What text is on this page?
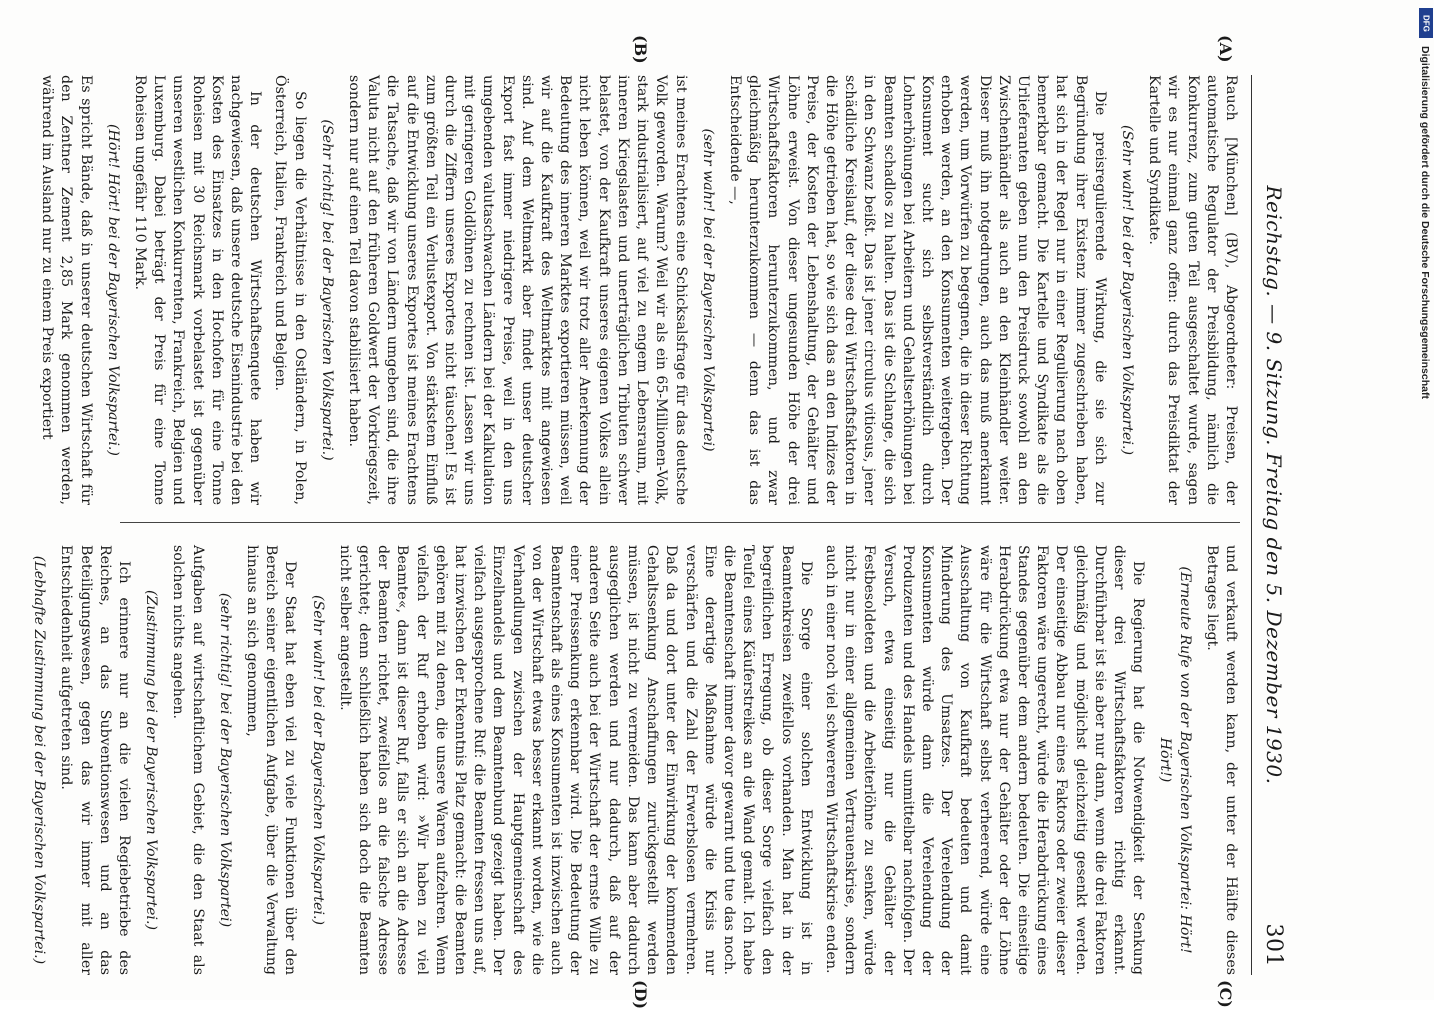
Reichstag. — 9. Sitzung. Freitag den 5. Dezember 1930.
301
(A)
(B)
(C)
(D)

Rauch [München] (BV), Abgeordneter: Preisen, der automatische Regulator der Preisbildung, nämlich die Konkurrenz, zum guten Teil ausgeschaltet wurde, sagen wir es nur einmal ganz offen: durch das Preisdiktat der Kartelle und Syndikate.

(Sehr wahr! bei der Bayerischen Volkspartei.)

Die preisregulierende Wirkung, die sie sich zur Begründung ihrer Existenz immer zugeschrieben haben, hat sich in der Regel nur in einer Regulierung nach oben bemerkbar gemacht. Die Kartelle und Syndikate als die Urlieferanten geben nun den Preisdruck sowohl an den Zwischenhändler als auch an den Kleinhändler weiter. Dieser muß ihn notgedrungen, auch das muß anerkannt werden, um Vorwürfen zu begegnen, die in dieser Richtung erhoben werden, an den Konsumenten weitergeben. Der Konsument sucht sich selbstverständlich durch Lohnerhöhungen bei Arbeitern und Gehaltserhöhungen bei Beamten schadlos zu halten. Das ist die Schlange, die sich in den Schwanz beißt. Das ist jener circulus vitiosus, jener schädliche Kreislauf, der diese drei Wirtschaftsfaktoren in die Höhe getrieben hat, so wie sich das an den Indizes der Preise, der Kosten der Lebenshaltung, der Gehälter und Löhne erweist. Von dieser ungesunden Höhe der drei Wirtschaftsfaktoren herunterzukommen, und zwar gleichmäßig herunterzukommen — denn das ist das Entscheidende —,

(sehr wahr! bei der Bayerischen Volkspartei)

ist meines Erachtens eine Schicksalsfrage für das deutsche Volk geworden. Warum? Weil wir als ein 65-Millionen-Volk, stark industrialisiert, auf viel zu engem Lebensraum, mit inneren Kriegslasten und unerträglichen Tributen schwer belastet, von der Kaufkraft unseres eigenen Volkes allein nicht leben können, weil wir trotz aller Anerkennung der Bedeutung des inneren Marktes exportieren müssen, weil wir auf die Kaufkraft des Weltmarktes mit angewiesen sind. Auf dem Weltmarkt aber findet unser deutscher Export fast immer niedrigere Preise, weil in den uns umgebenden valutaschwachen Ländern bei der Kalkulation mit geringeren Goldlöhnen zu rechnen ist. Lassen wir uns durch die Ziffern unseres Exportes nicht täuschen! Es ist zum größten Teil ein Verlustexport. Von stärkstem Einfluß auf die Entwicklung unseres Exportes ist meines Erachtens die Tatsache, daß wir von Ländern umgeben sind, die ihre Valuta nicht auf den früheren Goldwert der Vorkriegszeit, sondern nur auf einen Teil davon stabilisiert haben.

(Sehr richtig! bei der Bayerischen Volkspartei.)

So liegen die Verhältnisse in den Ostländern, in Polen, Österreich, Italien, Frankreich und Belgien.

In der deutschen Wirtschaftsenquete haben wir nachgewiesen, daß unsere deutsche Eisenindustrie bei den Kosten des Einsatzes in den Hochofen für eine Tonne Roheisen mit 30 Reichsmark vorbelastet ist gegenüber unseren westlichen Konkurrenten, Frankreich, Belgien und Luxemburg. Dabei beträgt der Preis für eine Tonne Roheisen ungefähr 110 Mark.

(Hört! Hört! bei der Bayerischen Volkspartei.)

Es spricht Bände, daß in unserer deutschen Wirtschaft für den Zentner Zement 2,85 Mark genommen werden, während im Ausland nur zu einem Preis exportiert

und verkauft werden kann, der unter der Hälfte dieses Betrages liegt.

(Erneute Rufe von der Bayerischen Volkspartei: Hört! Hört!)

Die Regierung hat die Notwendigkeit der Senkung dieser drei Wirtschaftsfaktoren richtig erkannt. Durchführbar ist sie aber nur dann, wenn die drei Faktoren gleichmäßig und möglichst gleichzeitig gesenkt werden. Der einseitige Abbau nur eines Faktors oder zweier dieser Faktoren wäre ungerecht, würde die Herabdrückung eines Standes gegenüber dem andern bedeuten. Die einseitige Herabdrückung etwa nur der Gehälter oder der Löhne wäre für die Wirtschaft selbst verheerend, würde eine Ausschaltung von Kaufkraft bedeuten und damit Minderung des Umsatzes. Der Verelendung der Konsumenten würde dann die Verelendung der Produzenten und des Handels unmittelbar nachfolgen. Der Versuch, etwa einseitig nur die Gehälter der Festbesoldeten und die Arbeiterlöhne zu senken, würde nicht nur in einer allgemeinen Vertrauenskrise, sondern auch in einer noch viel schwereren Wirtschaftskrise enden.

Die Sorge einer solchen Entwicklung ist in Beamtenkreisen zweifellos vorhanden. Man hat in der begreiflichen Erregung, ob dieser Sorge vielfach den Teufel eines Käuferstreikes an die Wand gemalt. Ich habe die Beamtenschaft immer davor gewarnt und tue das noch. Eine derartige Maßnahme würde die Krisis nur verschärfen und die Zahl der Erwerbslosen vermehren. Daß da und dort unter der Einwirkung der kommenden Gehaltssenkung Anschaffungen zurückgestellt werden müssen, ist nicht zu vermeiden. Das kann aber dadurch ausgeglichen werden und nur dadurch, daß auf der anderen Seite auch bei der Wirtschaft der ernste Wille zu einer Preissenkung erkennbar wird. Die Bedeutung der Beamtenschaft als eines Konsumenten ist inzwischen auch von der Wirtschaft etwas besser erkannt worden, wie die Verhandlungen zwischen der Hauptgemeinschaft des Einzelhandels und dem Beamtenbund gezeigt haben. Der vielfach ausgesprochene Ruf: die Beamten fressen uns auf, hat inzwischen der Erkenntnis Platz gemacht: die Beamten gehören mit zu denen, die unsere Waren aufzehren. Wenn vielfach der Ruf erhoben wird: »Wir haben zu viel Beamte«, dann ist dieser Ruf, falls er sich an die Adresse der Beamten richtet, zweifellos an die falsche Adresse gerichtet; denn schließlich haben sich doch die Beamten nicht selber angestellt.

(Sehr wahr! bei der Bayerischen Volkspartei.)

Der Staat hat eben viel zu viele Funktionen über den Bereich seiner eigentlichen Aufgabe, über die Verwaltung hinaus an sich genommen,

(sehr richtig! bei der Bayerischen Volkspartei)

Aufgaben auf wirtschaftlichem Gebiet, die den Staat als solchen nichts angehen.

(Zustimmung bei der Bayerischen Volkspartei.)

Ich erinnere nur an die vielen Regiebetriebe des Reiches, an das Subventionswesen und an das Beteiligungswesen, gegen das wir immer mit aller Entschiedenheit aufgetreten sind.

(Lebhafte Zustimmung bei der Bayerischen Volkspartei.)

DFG
Digitalisierung gefördert durch die Deutsche Forschungsgemeinschaft
